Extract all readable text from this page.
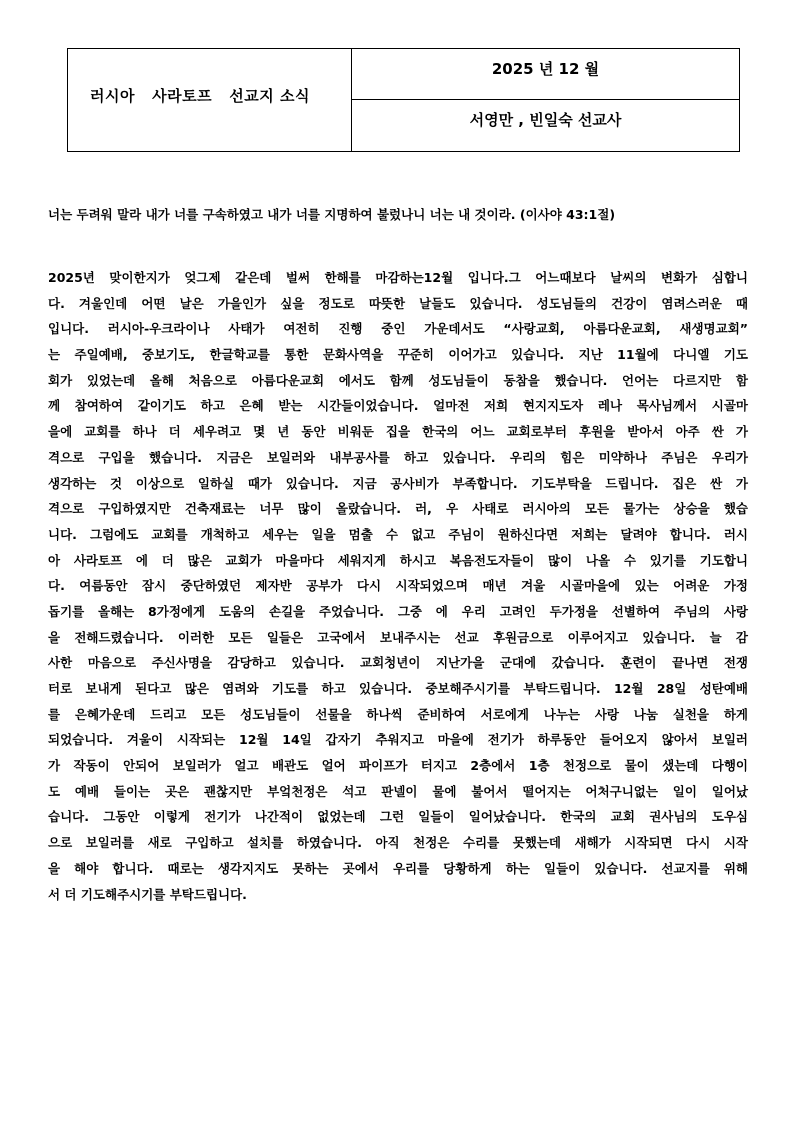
러시아   사라토프   선교지 소식
2025 년 12 월
서영만 , 빈일숙 선교사
너는 두려워 말라 내가 너를 구속하였고 내가 너를 지명하여 불렀나니 너는 내 것이라. (이사야 43:1절)
2025년 맞이한지가 엊그제 같은데 벌써 한해를 마감하는12월 입니다.그 어느때보다 날씨의 변화가 심합니
다. 겨울인데 어떤 날은 가을인가 싶을 정도로 따뜻한 날들도 있습니다. 성도님들의 건강이 염려스러운 때
입니다. 러시아-우크라이나 사태가 여전히 진행 중인 가운데서도 “사랑교회, 아름다운교회, 새생명교회”
는 주일예배, 중보기도, 한글학교를 통한 문화사역을 꾸준히 이어가고 있습니다. 지난 11월에 다니엘 기도
회가 있었는데 올해 처음으로 아름다운교회 에서도 함께 성도님들이 동참을 했습니다. 언어는 다르지만 함
께 참여하여 같이기도 하고 은혜 받는 시간들이었습니다. 얼마전 저희 현지지도자 레나 목사님께서 시골마
을에 교회를 하나 더 세우려고 몇 년 동안 비워둔 집을 한국의 어느 교회로부터 후원을 받아서 아주 싼 가
격으로 구입을 했습니다. 지금은 보일러와 내부공사를 하고 있습니다. 우리의 힘은 미약하나 주님은 우리가
생각하는 것 이상으로 일하실 때가 있습니다. 지금 공사비가 부족합니다. 기도부탁을 드립니다. 집은 싼 가
격으로 구입하였지만 건축재료는 너무 많이 올랐습니다. 러, 우 사태로 러시아의 모든 물가는 상승을 했습
니다. 그럼에도 교회를 개척하고 세우는 일을 멈출 수 없고 주님이 원하신다면 저희는 달려야 합니다. 러시
아 사라토프 에 더 많은 교회가 마을마다 세워지게 하시고 복음전도자들이 많이 나올 수 있기를 기도합니
다. 여름동안 잠시 중단하였던 제자반 공부가 다시 시작되었으며 매년 겨울 시골마을에 있는 어려운 가정
돕기를 올해는 8가정에게 도움의 손길을 주었습니다. 그중 에 우리 고려인 두가정을 선별하여 주님의 사랑
을 전해드렸습니다. 이러한 모든 일들은 고국에서 보내주시는 선교 후원금으로 이루어지고 있습니다. 늘 감
사한 마음으로 주신사명을 감당하고 있습니다. 교회청년이 지난가을 군대에 갔습니다. 훈련이 끝나면 전쟁
터로 보내게 된다고 많은 염려와 기도를 하고 있습니다. 중보해주시기를 부탁드립니다. 12월 28일 성탄예배
를 은혜가운데 드리고 모든 성도님들이 선물을 하나씩 준비하여 서로에게 나누는 사랑 나눔 실천을 하게
되었습니다. 겨울이 시작되는 12월 14일 갑자기 추워지고 마을에 전기가 하루동안 들어오지 않아서 보일러
가 작동이 안되어 보일러가 얼고 배관도 얼어 파이프가 터지고 2층에서 1층 천정으로 물이 샜는데 다행이
도 예배 들이는 곳은 괜찮지만 부엌천정은 석고 판넬이 물에 불어서 떨어지는 어처구니없는 일이 일어났
습니다. 그동안 이렇게 전기가 나간적이 없었는데 그런 일들이 일어났습니다. 한국의 교회 권사님의 도우심
으로 보일러를 새로 구입하고 설치를 하였습니다. 아직 천정은 수리를 못했는데 새해가 시작되면 다시 시작
을 해야 합니다. 때로는 생각지지도 못하는 곳에서 우리를 당황하게 하는 일들이 있습니다. 선교지를 위해
서 더 기도해주시기를 부탁드립니다.
